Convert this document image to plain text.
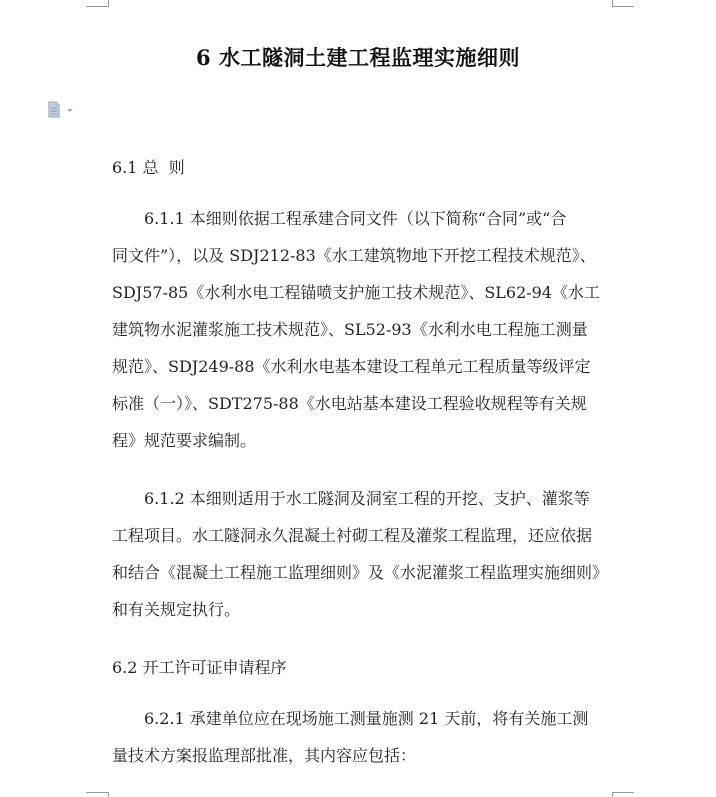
6 水工隧洞土建工程监理实施细则
6.1 总  则
6.1.1 本细则依据工程承建合同文件（以下简称“合同”或“合
同文件”），以及 SDJ212-83《水工建筑物地下开挖工程技术规范》、
SDJ57-85《水利水电工程锚喷支护施工技术规范》、SL62-94《水工
建筑物水泥灌浆施工技术规范》、SL52-93《水利水电工程施工测量
规范》、SDJ249-88《水利水电基本建设工程单元工程质量等级评定
标准（一）》、SDT275-88《水电站基本建设工程验收规程等有关规
程》规范要求编制。
6.1.2 本细则适用于水工隧洞及洞室工程的开挖、支护、灌浆等
工程项目。水工隧洞永久混凝土衬砌工程及灌浆工程监理，还应依据
和结合《混凝土工程施工监理细则》及《水泥灌浆工程监理实施细则》
和有关规定执行。
6.2 开工许可证申请程序
6.2.1 承建单位应在现场施工测量施测 21 天前，将有关施工测
量技术方案报监理部批准，其内容应包括：
